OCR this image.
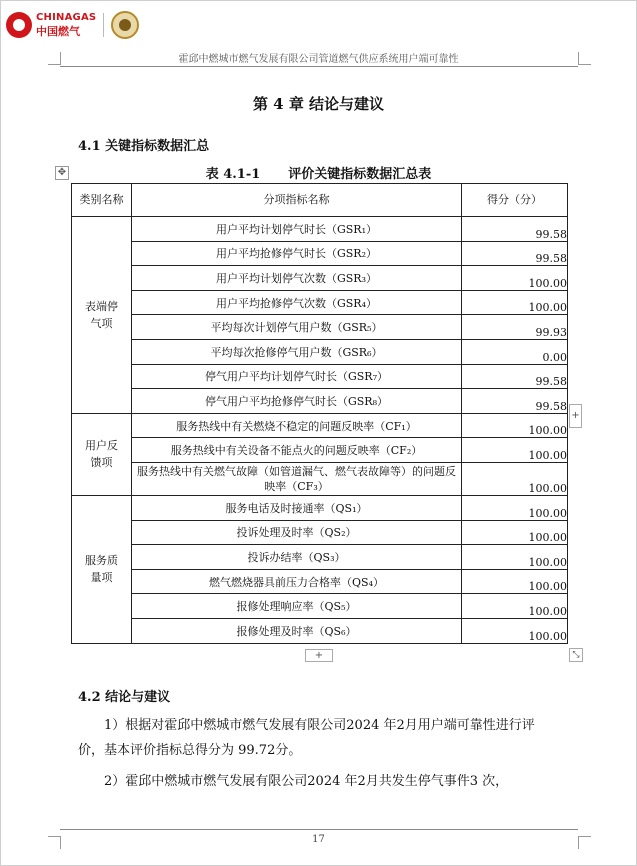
CHINAGAS
中国燃气
霍邱中燃城市燃气发展有限公司管道燃气供应系统用户端可靠性
第 4 章 结论与建议
4.1 关键指标数据汇总
✥	表 4.1-1 评价关键指标数据汇总表
类别名称	分项指标名称	得分（分）
表端停气项	用户平均计划停气时长（GSR₁）	99.58
	用户平均抢修停气时长（GSR₂）	99.58
	用户平均计划停气次数（GSR₃）	100.00
	用户平均抢修停气次数（GSR₄）	100.00
	平均每次计划停气用户数（GSR₅）	99.93
	平均每次抢修停气用户数（GSR₆）	0.00
	停气用户平均计划停气时长（GSR₇）	99.58
	停气用户平均抢修停气时长（GSR₈）	99.58
用户反馈项	服务热线中有关燃烧不稳定的问题反映率（CF₁）	100.00
	服务热线中有关设备不能点火的问题反映率（CF₂）	100.00
	服务热线中有关燃气故障（如管道漏气、燃气表故障等）的问题反映率（CF₃）	100.00
服务质量项	服务电话及时接通率（QS₁）	100.00
	投诉处理及时率（QS₂）	100.00
	投诉办结率（QS₃）	100.00
	燃气燃烧器具前压力合格率（QS₄）	100.00
	报修处理响应率（QS₅）	100.00
	报修处理及时率（QS₆）	100.00
+
+	⤡
4.2 结论与建议
1）根据对霍邱中燃城市燃气发展有限公司2024 年2月用户端可靠性进行评价，基本评价指标总得分为 99.72分。
2）霍邱中燃城市燃气发展有限公司2024 年2月共发生停气事件3 次，
17
